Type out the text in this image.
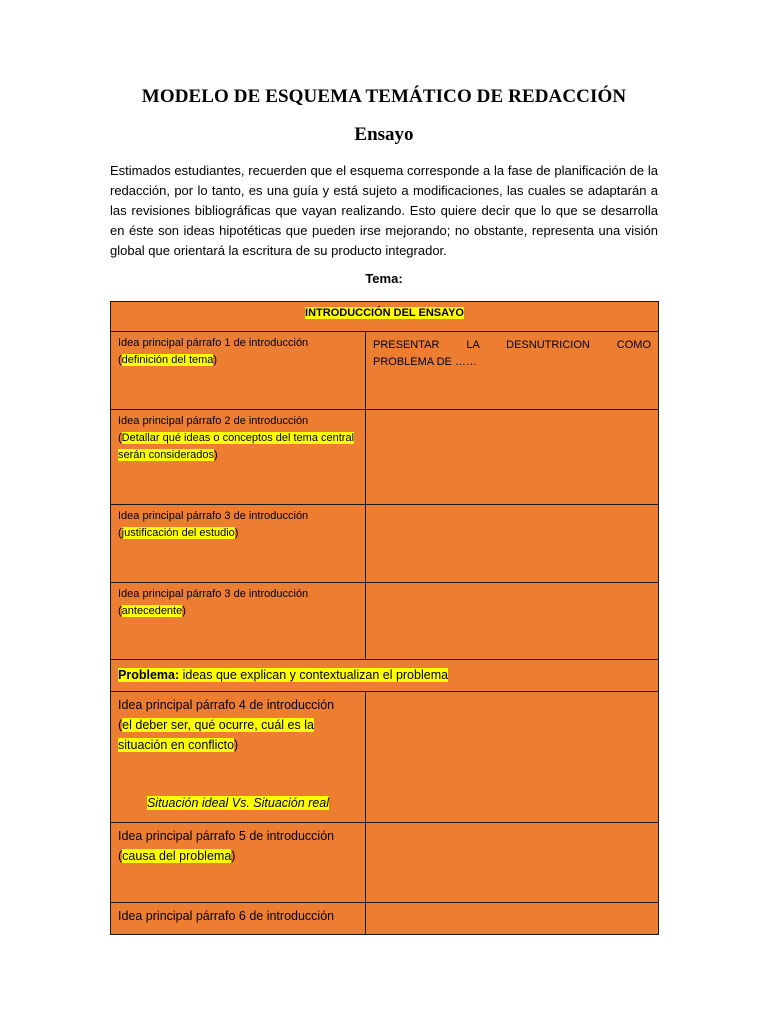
MODELO DE ESQUEMA TEMÁTICO DE REDACCIÓN
Ensayo

Estimados estudiantes, recuerden que el esquema corresponde a la fase de planificación de la redacción, por lo tanto, es una guía y está sujeto a modificaciones, las cuales se adaptarán a las revisiones bibliográficas que vayan realizando. Esto quiere decir que lo que se desarrolla en éste son ideas hipotéticas que pueden irse mejorando; no obstante, representa una visión global que orientará la escritura de su producto integrador.

Tema:

INTRODUCCIÓN DEL ENSAYO	
Idea principal párrafo 1 de introducción
(definición del tema)	PRESENTAR LA DESNUTRICION COMO
PROBLEMA DE ……
Idea principal párrafo 2 de introducción
(Detallar qué ideas o conceptos del tema central serán considerados)	
Idea principal párrafo 3 de introducción
(justificación del estudio)	
Idea principal párrafo 3 de introducción
(antecedente)	
Problema: ideas que explican y contextualizan el problema	
Idea principal párrafo 4 de introducción
(el deber ser, qué ocurre, cuál es la situación en conflicto)
Situación ideal Vs. Situación real	

Idea principal párrafo 5 de introducción
(causa del problema)	
Idea principal párrafo 6 de introducción	
